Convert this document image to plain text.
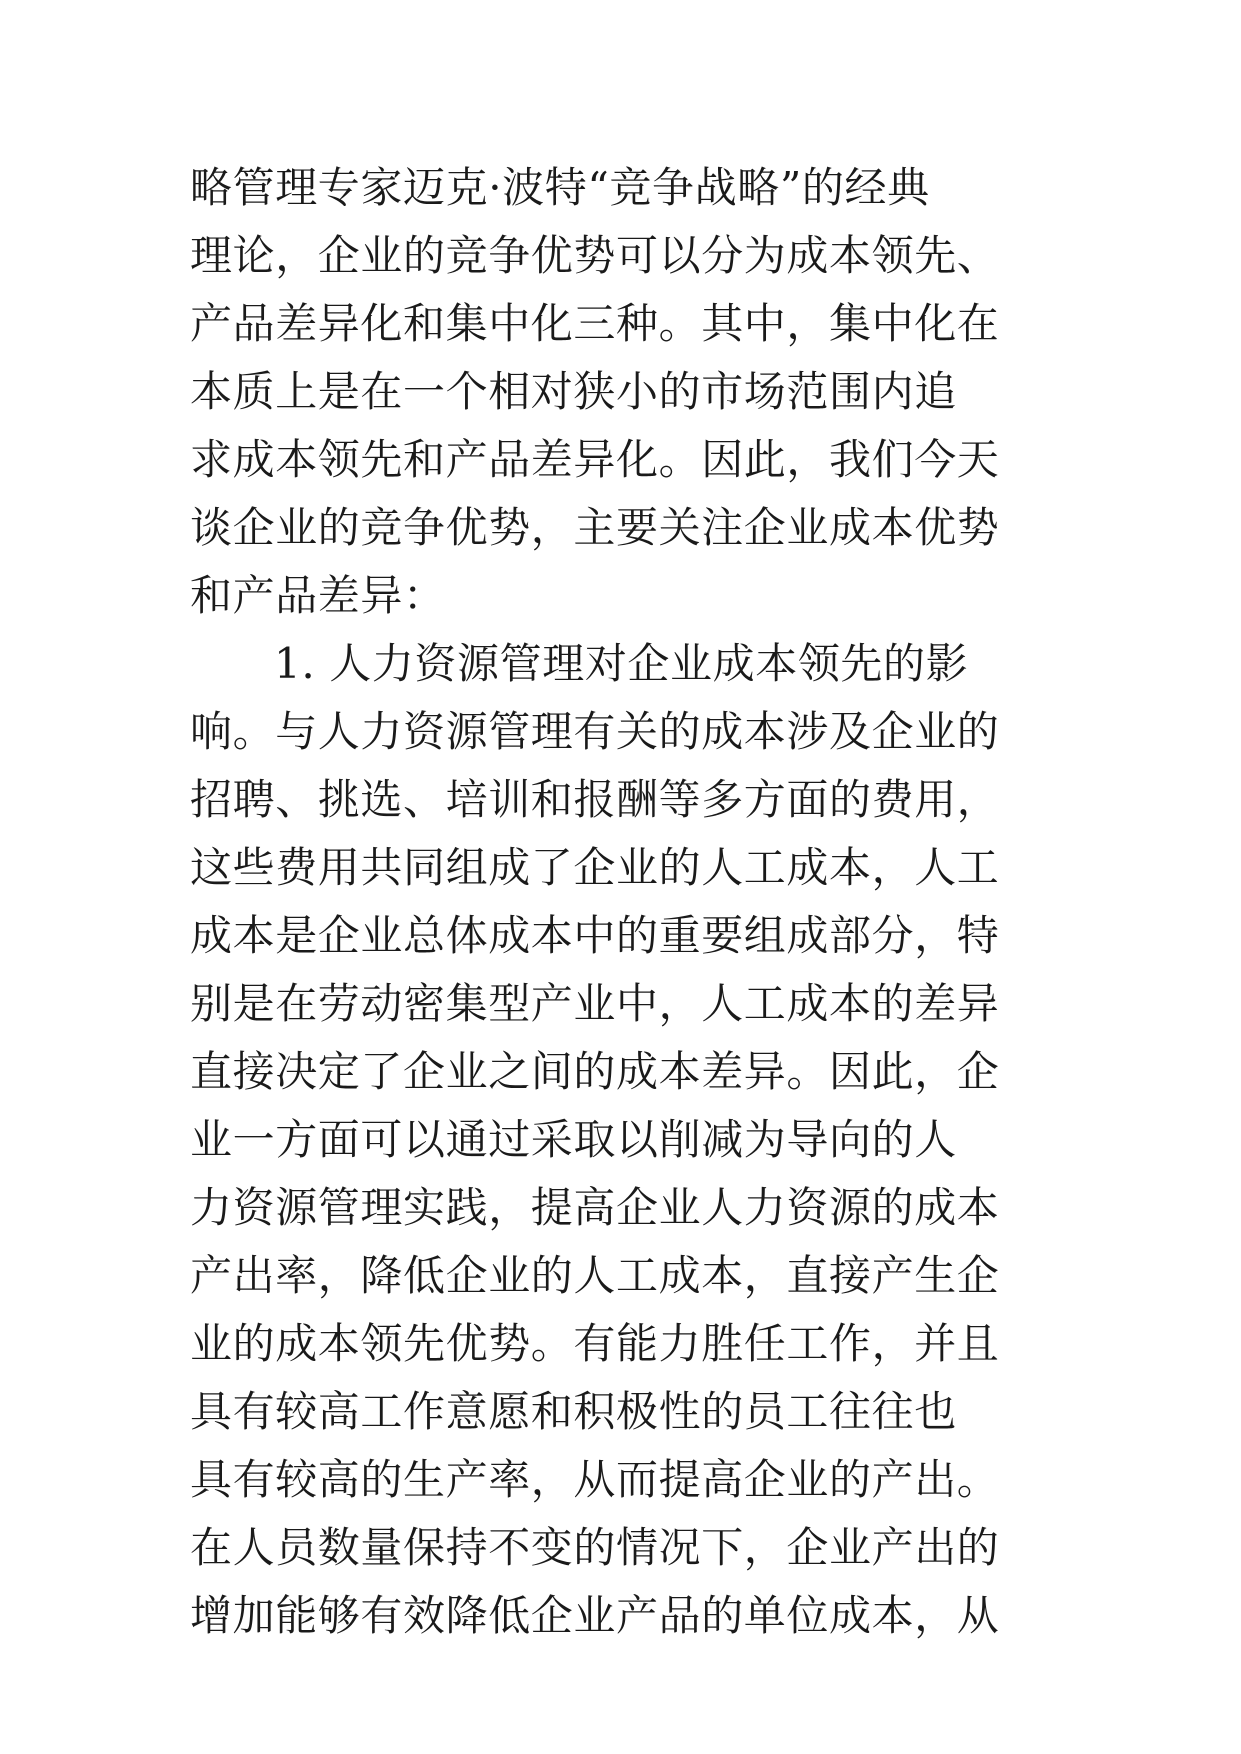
略管理专家迈克·波特“竞争战略”的经典
理论，企业的竞争优势可以分为成本领先、
产品差异化和集中化三种。其中，集中化在
本质上是在一个相对狭小的市场范围内追
求成本领先和产品差异化。因此，我们今天
谈企业的竞争优势，主要关注企业成本优势
和产品差异：
1. 人力资源管理对企业成本领先的影
响。与人力资源管理有关的成本涉及企业的
招聘、挑选、培训和报酬等多方面的费用，
这些费用共同组成了企业的人工成本，人工
成本是企业总体成本中的重要组成部分，特
别是在劳动密集型产业中，人工成本的差异
直接决定了企业之间的成本差异。因此，企
业一方面可以通过采取以削减为导向的人
力资源管理实践，提高企业人力资源的成本
产出率，降低企业的人工成本，直接产生企
业的成本领先优势。有能力胜任工作，并且
具有较高工作意愿和积极性的员工往往也
具有较高的生产率，从而提高企业的产出。
在人员数量保持不变的情况下，企业产出的
增加能够有效降低企业产品的单位成本，从
